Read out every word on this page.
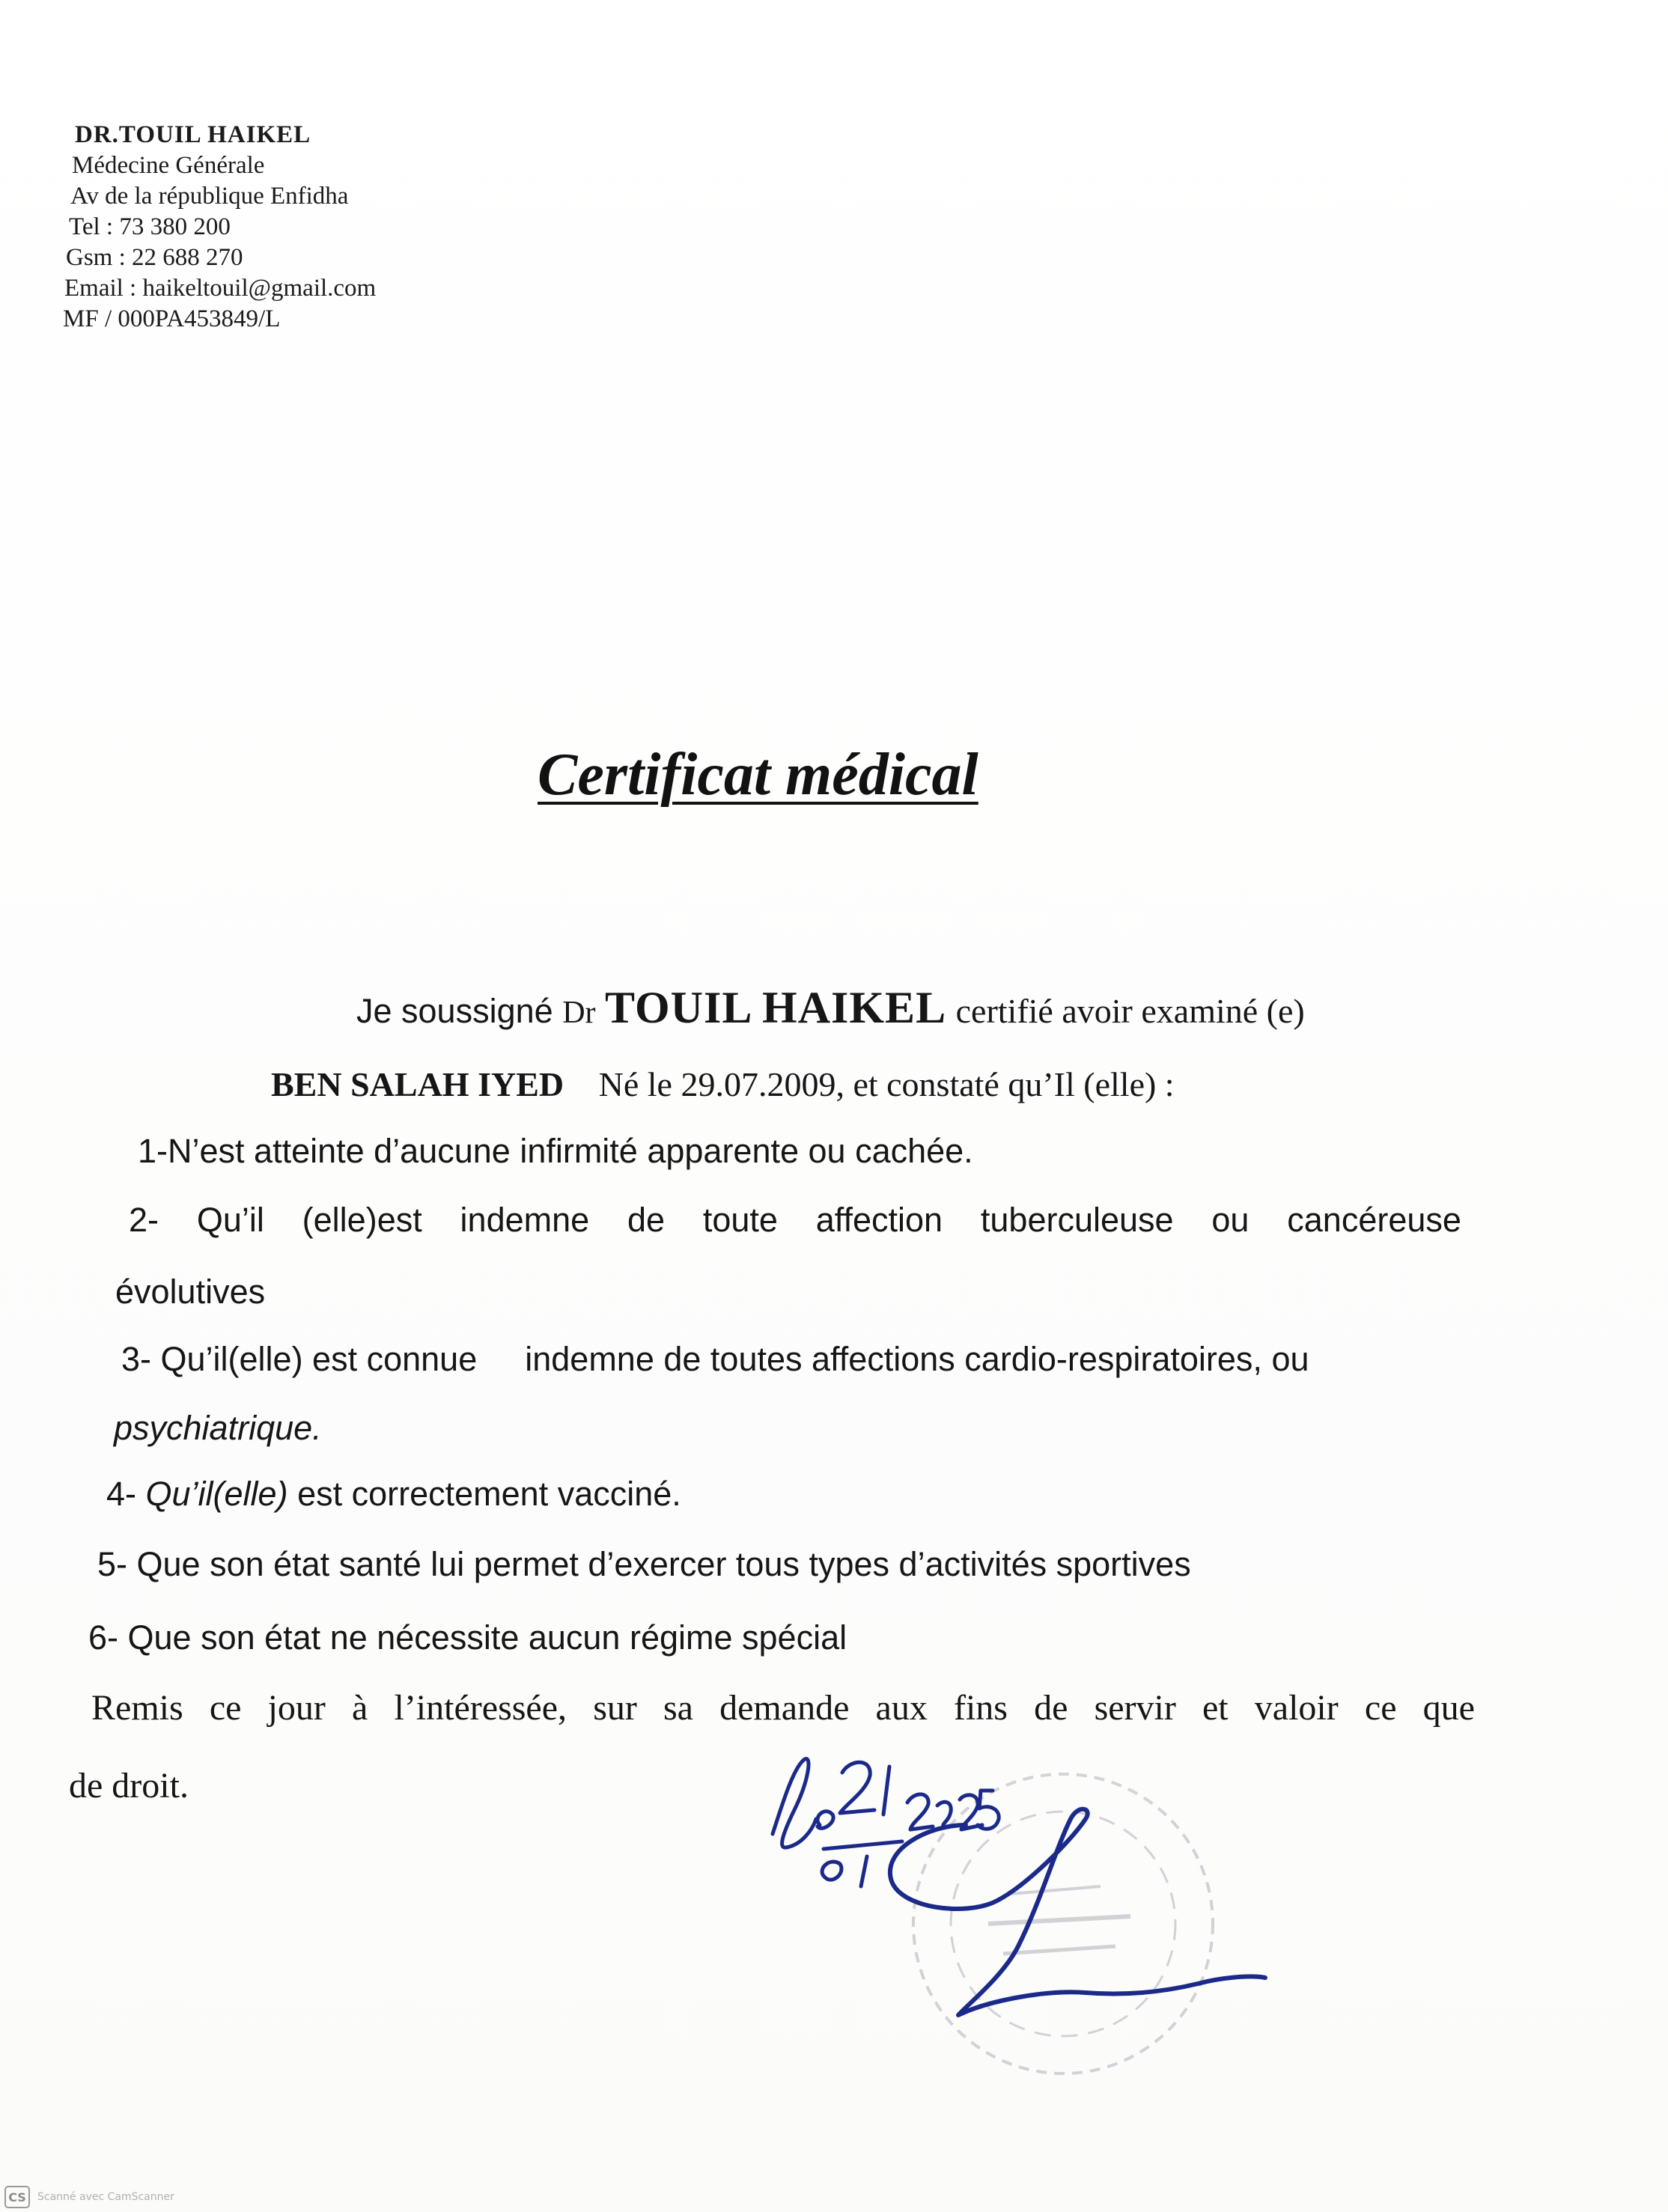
DR.TOUIL HAIKEL
Médecine Générale
Av de la république Enfidha
Tel : 73 380 200
Gsm : 22 688 270
Email : haikeltouil@gmail.com
MF / 000PA453849/L
Certificat médical
Je soussigné Dr TOUIL HAIKEL certifié avoir examiné (e)
BEN SALAH IYED Né le 29.07.2009, et constaté qu’Il (elle) :
1-N’est atteinte d’aucune infirmité apparente ou cachée.
2- Qu’il (elle)est indemne de toute affection tuberculeuse ou cancéreuse
évolutives
3- Qu’il(elle) est connue indemne de toutes affections cardio-respiratoires, ou
psychiatrique.
4- Qu’il(elle) est correctement vacciné.
5- Que son état santé lui permet d’exercer tous types d’activités sportives
6- Que son état ne nécessite aucun régime spécial
Remis ce jour à l’intéressée, sur sa demande aux fins de servir et valoir ce que
de droit.
CS	Scanné avec CamScanner
